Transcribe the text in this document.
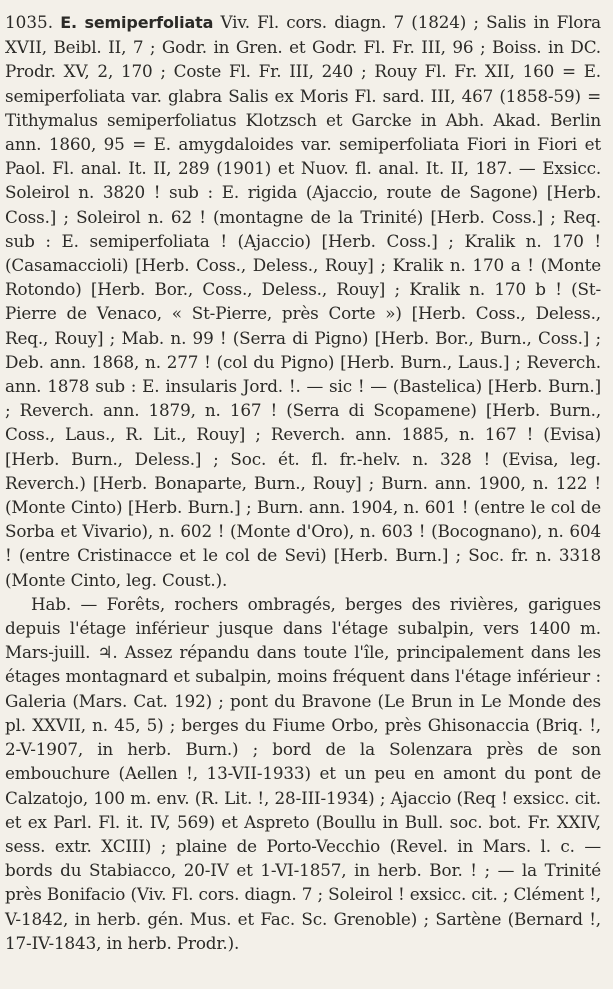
1035. E. semiperfoliata Viv. Fl. cors. diagn. 7 (1824) ; Salis in Flora XVII, Beibl. II, 7 ; Godr. in Gren. et Godr. Fl. Fr. III, 96 ; Boiss. in DC. Prodr. XV, 2, 170 ; Coste Fl. Fr. III, 240 ; Rouy Fl. Fr. XII, 160 = E. semiperfoliata var. glabra Salis ex Moris Fl. sard. III, 467 (1858-59) = Tithymalus semiperfoliatus Klotzsch et Garcke in Abh. Akad. Berlin ann. 1860, 95 = E. amygdaloides var. semiperfoliata Fiori in Fiori et Paol. Fl. anal. It. II, 289 (1901) et Nuov. fl. anal. It. II, 187. — Exsicc. Soleirol n. 3820 ! sub : E. rigida (Ajaccio, route de Sagone) [Herb. Coss.] ; Soleirol n. 62 ! (montagne de la Trinité) [Herb. Coss.] ; Req. sub : E. semiperfoliata ! (Ajaccio) [Herb. Coss.] ; Kralik n. 170 ! (Casamaccioli) [Herb. Coss., Deless., Rouy] ; Kralik n. 170 a ! (Monte Rotondo) [Herb. Bor., Coss., Deless., Rouy] ; Kralik n. 170 b ! (St-Pierre de Venaco, « St-Pierre, près Corte ») [Herb. Coss., Deless., Req., Rouy] ; Mab. n. 99 ! (Serra di Pigno) [Herb. Bor., Burn., Coss.] ; Deb. ann. 1868, n. 277 ! (col du Pigno) [Herb. Burn., Laus.] ; Reverch. ann. 1878 sub : E. insularis Jord. !. — sic ! — (Bastelica) [Herb. Burn.] ; Reverch. ann. 1879, n. 167 ! (Serra di Scopamene) [Herb. Burn., Coss., Laus., R. Lit., Rouy] ; Reverch. ann. 1885, n. 167 ! (Evisa) [Herb. Burn., Deless.] ; Soc. ét. fl. fr.-helv. n. 328 ! (Evisa, leg. Reverch.) [Herb. Bonaparte, Burn., Rouy] ; Burn. ann. 1900, n. 122 ! (Monte Cinto) [Herb. Burn.] ; Burn. ann. 1904, n. 601 ! (entre le col de Sorba et Vivario), n. 602 ! (Monte d'Oro), n. 603 ! (Bocognano), n. 604 ! (entre Cristinacce et le col de Sevi) [Herb. Burn.] ; Soc. fr. n. 3318 (Monte Cinto, leg. Coust.).

Hab. — Forêts, rochers ombragés, berges des rivières, garigues depuis l'étage inférieur jusque dans l'étage subalpin, vers 1400 m. Mars-juill. ♃. Assez répandu dans toute l'île, principalement dans les étages montagnard et subalpin, moins fréquent dans l'étage inférieur : Galeria (Mars. Cat. 192) ; pont du Bravone (Le Brun in Le Monde des pl. XXVII, n. 45, 5) ; berges du Fiume Orbo, près Ghisonaccia (Briq. !, 2-V-1907, in herb. Burn.) ; bord de la Solenzara près de son embouchure (Aellen !, 13-VII-1933) et un peu en amont du pont de Calzatojo, 100 m. env. (R. Lit. !, 28-III-1934) ; Ajaccio (Req ! exsicc. cit. et ex Parl. Fl. it. IV, 569) et Aspreto (Boullu in Bull. soc. bot. Fr. XXIV, sess. extr. XCIII) ; plaine de Porto-Vecchio (Revel. in Mars. l. c. — bords du Stabiacco, 20-IV et 1-VI-1857, in herb. Bor. ! ; — la Trinité près Bonifacio (Viv. Fl. cors. diagn. 7 ; Soleirol ! exsicc. cit. ; Clément !, V-1842, in herb. gén. Mus. et Fac. Sc. Grenoble) ; Sartène (Bernard !, 17-IV-1843, in herb. Prodr.).
